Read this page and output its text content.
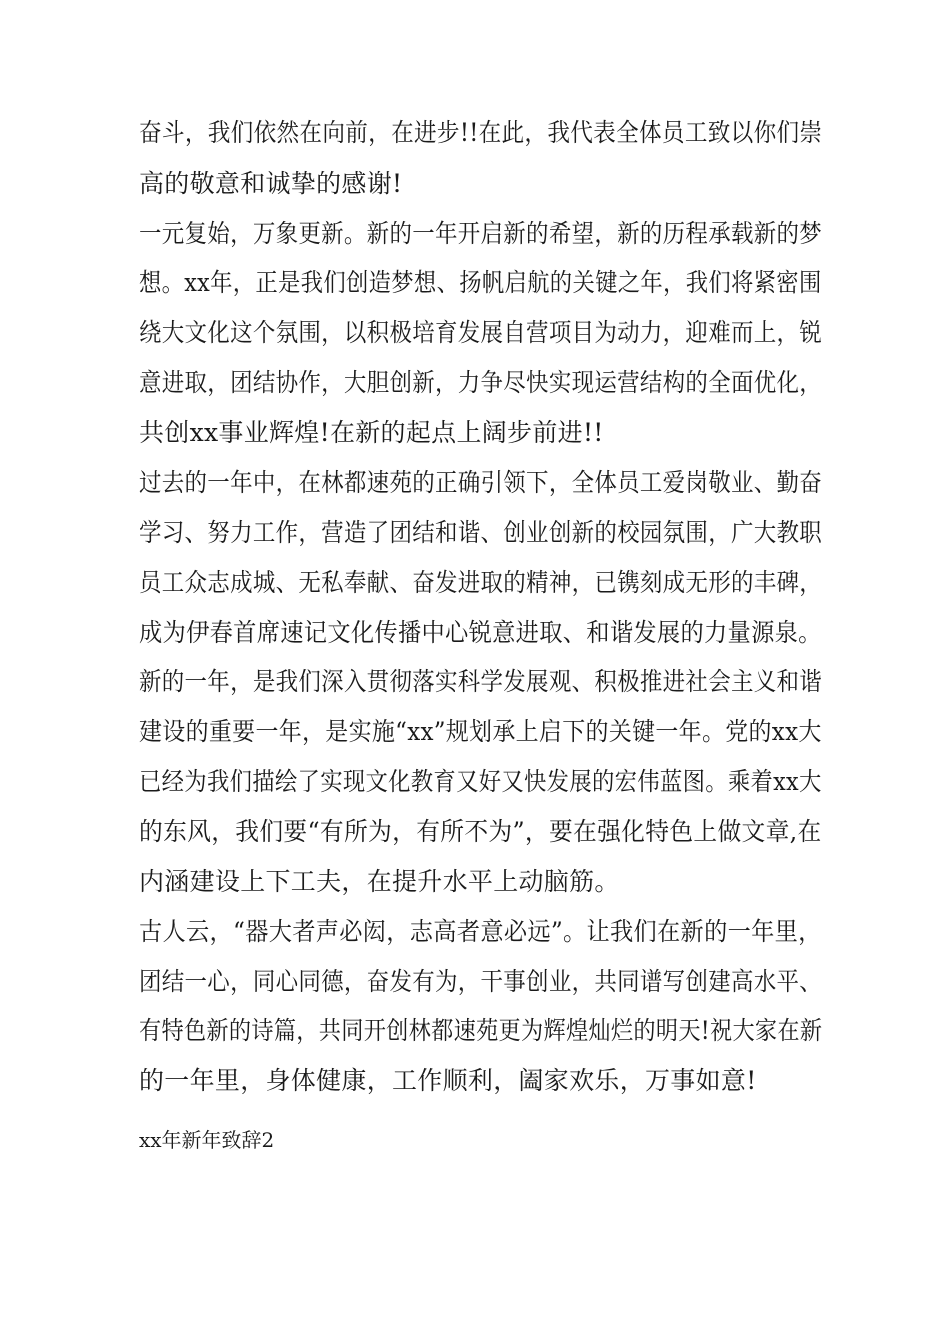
奋斗，我们依然在向前，在进步!!在此，我代表全体员工致以你们崇
高的敬意和诚挚的感谢!
一元复始，万象更新。新的一年开启新的希望，新的历程承载新的梦
想。xx年，正是我们创造梦想、扬帆启航的关键之年，我们将紧密围
绕大文化这个氛围，以积极培育发展自营项目为动力，迎难而上，锐
意进取，团结协作，大胆创新，力争尽快实现运营结构的全面优化，
共创xx事业辉煌!在新的起点上阔步前进!!
过去的一年中，在林都速苑的正确引领下，全体员工爱岗敬业、勤奋
学习、努力工作，营造了团结和谐、创业创新的校园氛围，广大教职
员工众志成城、无私奉献、奋发进取的精神，已镌刻成无形的丰碑，
成为伊春首席速记文化传播中心锐意进取、和谐发展的力量源泉。
新的一年，是我们深入贯彻落实科学发展观、积极推进社会主义和谐
建设的重要一年，是实施“xx”规划承上启下的关键一年。党的xx大
已经为我们描绘了实现文化教育又好又快发展的宏伟蓝图。乘着xx大
的东风，我们要“有所为，有所不为”，要在强化特色上做文章,在
内涵建设上下工夫，在提升水平上动脑筋。
古人云，“器大者声必闳，志高者意必远”。让我们在新的一年里，
团结一心，同心同德，奋发有为，干事创业，共同谱写创建高水平、
有特色新的诗篇，共同开创林都速苑更为辉煌灿烂的明天!祝大家在新
的一年里，身体健康，工作顺利，阖家欢乐，万事如意!
xx年新年致辞2
